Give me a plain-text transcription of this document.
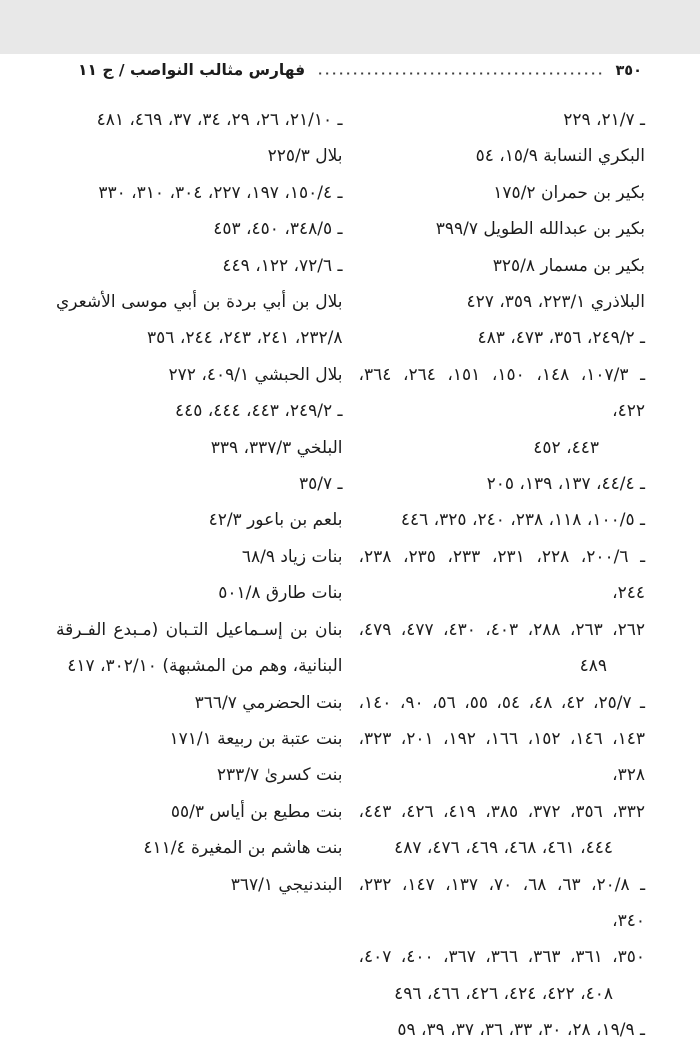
٣٥٠
فهارس مثالب النواصب / ج ١١
ـ ٢١/٧، ٢٢٩
البكري النسابة ١٥/٩، ٥٤
بكير بن حمران ١٧٥/٢
بكير بن عبدالله الطويل ٣٩٩/٧
بكير بن مسمار ٣٢٥/٨
البلاذري ٢٢٣/١، ٣٥٩، ٤٢٧
ـ ٢٤٩/٢، ٣٥٦، ٤٧٣، ٤٨٣
ـ ١٠٧/٣، ١٤٨، ١٥٠، ١٥١، ٢٦٤، ٣٦٤، ٤٢٢،
٤٤٣، ٤٥٢
ـ ٤٤/٤، ١٣٧، ١٣٩، ٢٠٥
ـ ١٠٠/٥، ١١٨، ٢٣٨، ٢٤٠، ٣٢٥، ٤٤٦
ـ ٢٠٠/٦، ٢٢٨، ٢٣١، ٢٣٣، ٢٣٥، ٢٣٨، ٢٤٤،
٢٦٢، ٢٦٣، ٢٨٨، ٤٠٣، ٤٣٠، ٤٧٧، ٤٧٩،
٤٨٩
ـ ٢٥/٧، ٤٢، ٤٨، ٥٤، ٥٥، ٥٦، ٩٠، ١٤٠،
١٤٣، ١٤٦، ١٥٢، ١٦٦، ١٩٢، ٢٠١، ٣٢٣، ٣٢٨،
٣٣٢، ٣٥٦، ٣٧٢، ٣٨٥، ٤١٩، ٤٢٦، ٤٤٣،
٤٤٤، ٤٦١، ٤٦٨، ٤٦٩، ٤٧٦، ٤٨٧
ـ ٢٠/٨، ٦٣، ٦٨، ٧٠، ١٣٧، ١٤٧، ٢٣٢، ٣٤٠،
٣٥٠، ٣٦١، ٣٦٣، ٣٦٦، ٣٦٧، ٤٠٠، ٤٠٧،
٤٠٨، ٤٢٢، ٤٢٤، ٤٢٦، ٤٦٦، ٤٩٦
ـ ١٩/٩، ٢٨، ٣٠، ٣٣، ٣٦، ٣٧، ٣٩، ٥٩
ـ ٢١/١٠، ٢٦، ٢٩، ٣٤، ٣٧، ٤٦٩، ٤٨١
بلال ٢٢٥/٣
ـ ١٥٠/٤، ١٩٧، ٢٢٧، ٣٠٤، ٣١٠، ٣٣٠
ـ ٣٤٨/٥، ٤٥٠، ٤٥٣
ـ ٧٢/٦، ١٢٢، ٤٤٩
بلال بن أبي بردة بن أبي موسى الأشعري
٢٣٢/٨، ٢٤١، ٢٤٣، ٢٤٤، ٣٥٦
بلال الحبشي ٤٠٩/١، ٢٧٢
ـ ٢٤٩/٢، ٤٤٣، ٤٤٤، ٤٤٥
البلخي ٣٣٧/٣، ٣٣٩
ـ ٣٥/٧
بلعم بن باعور ٤٢/٣
بنات زياد ٦٨/٩
بنات طارق ٥٠١/٨
بنان بن إسـماعيل التـبان (مـبدع الفـرقة
البنانية، وهم من المشبهة) ٣٠٢/١٠، ٤١٧
بنت الحضرمي ٣٦٦/٧
بنت عتبة بن ربيعة ١٧١/١
بنت كسرىٰ ٢٣٣/٧
بنت مطيع بن أياس ٥٥/٣
بنت هاشم بن المغيرة ٤١١/٤
البندنيجي ٣٦٧/١
